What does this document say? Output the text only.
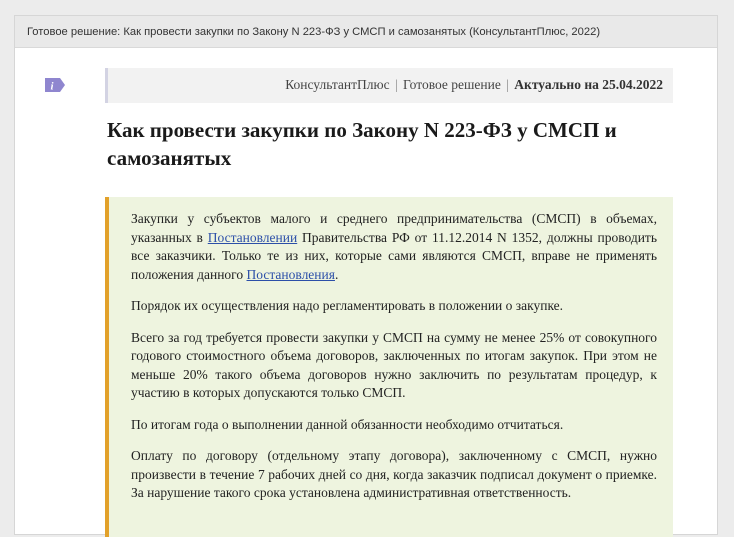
Готовое решение: Как провести закупки по Закону N 223-ФЗ у СМСП и самозанятых (КонсультантПлюс, 2022)
i	КонсультантПлюс | Готовое решение | Актуально на 25.04.2022
Как провести закупки по Закону N 223-ФЗ у СМСП и самозанятых

Закупки у субъектов малого и среднего предпринимательства (СМСП) в объемах, указанных в Постановлении Правительства РФ от 11.12.2014 N 1352, должны проводить все заказчики. Только те из них, которые сами являются СМСП, вправе не применять положения данного Постановления.

Порядок их осуществления надо регламентировать в положении о закупке.

Всего за год требуется провести закупки у СМСП на сумму не менее 25% от совокупного годового стоимостного объема договоров, заключенных по итогам закупок. При этом не меньше 20% такого объема договоров нужно заключить по результатам процедур, к участию в которых допускаются только СМСП.

По итогам года о выполнении данной обязанности необходимо отчитаться.

Оплату по договору (отдельному этапу договора), заключенному с СМСП, нужно произвести в течение 7 рабочих дней со дня, когда заказчик подписал документ о приемке. За нарушение такого срока установлена административная ответственность.
